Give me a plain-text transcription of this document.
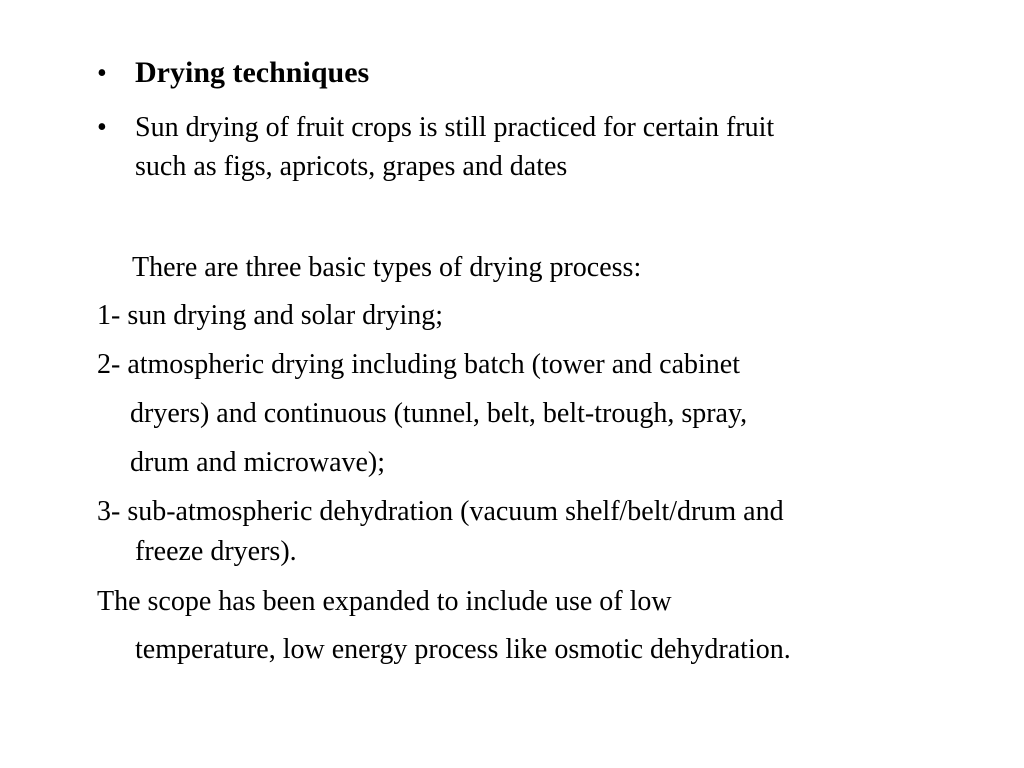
• Drying techniques
• Sun drying of fruit crops is still practiced for certain fruit
such as figs, apricots, grapes and dates
There are three basic types of drying process:
1- sun drying and solar drying;
2- atmospheric drying including batch (tower and cabinet
dryers) and continuous (tunnel, belt, belt-trough, spray,
drum and microwave);
3- sub-atmospheric dehydration (vacuum shelf/belt/drum and
freeze dryers).
The scope has been expanded to include use of low
temperature, low energy process like osmotic dehydration.
